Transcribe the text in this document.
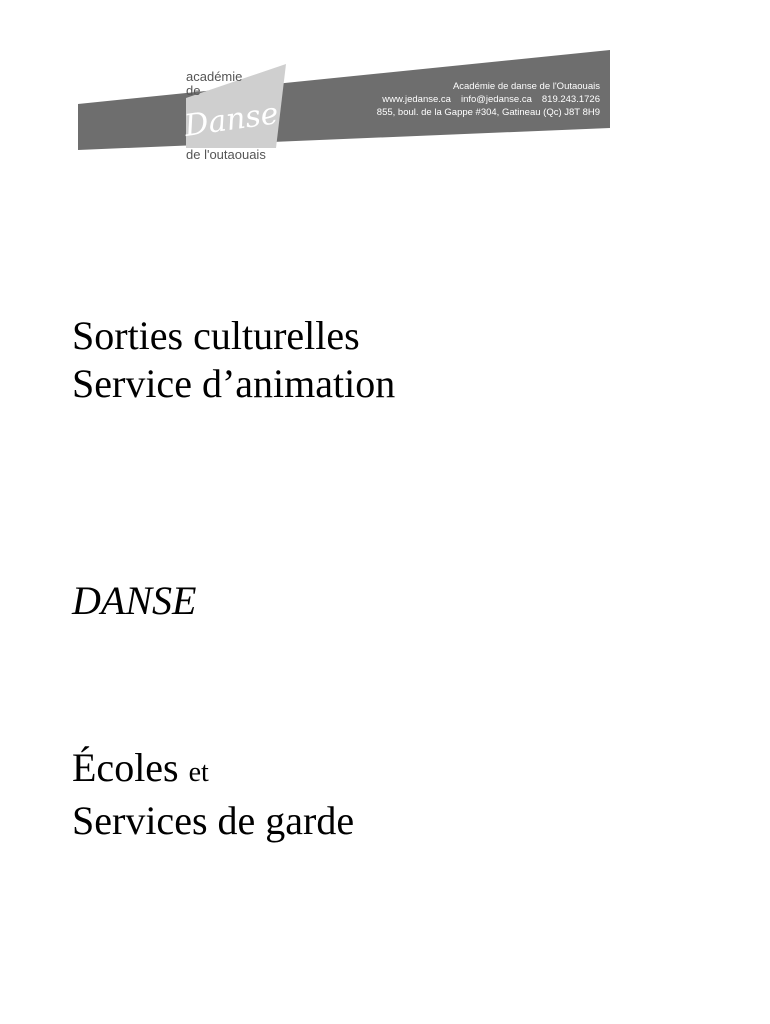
Danse
académie
de
de l'outaouais
Académie de danse de l'Outaouais
www.jedanse.ca info@jedanse.ca 819.243.1726
855, boul. de la Gappe #304, Gatineau (Qc) J8T 8H9
Sorties culturelles
Service d’animation
DANSE
Écoles et
Services de garde
